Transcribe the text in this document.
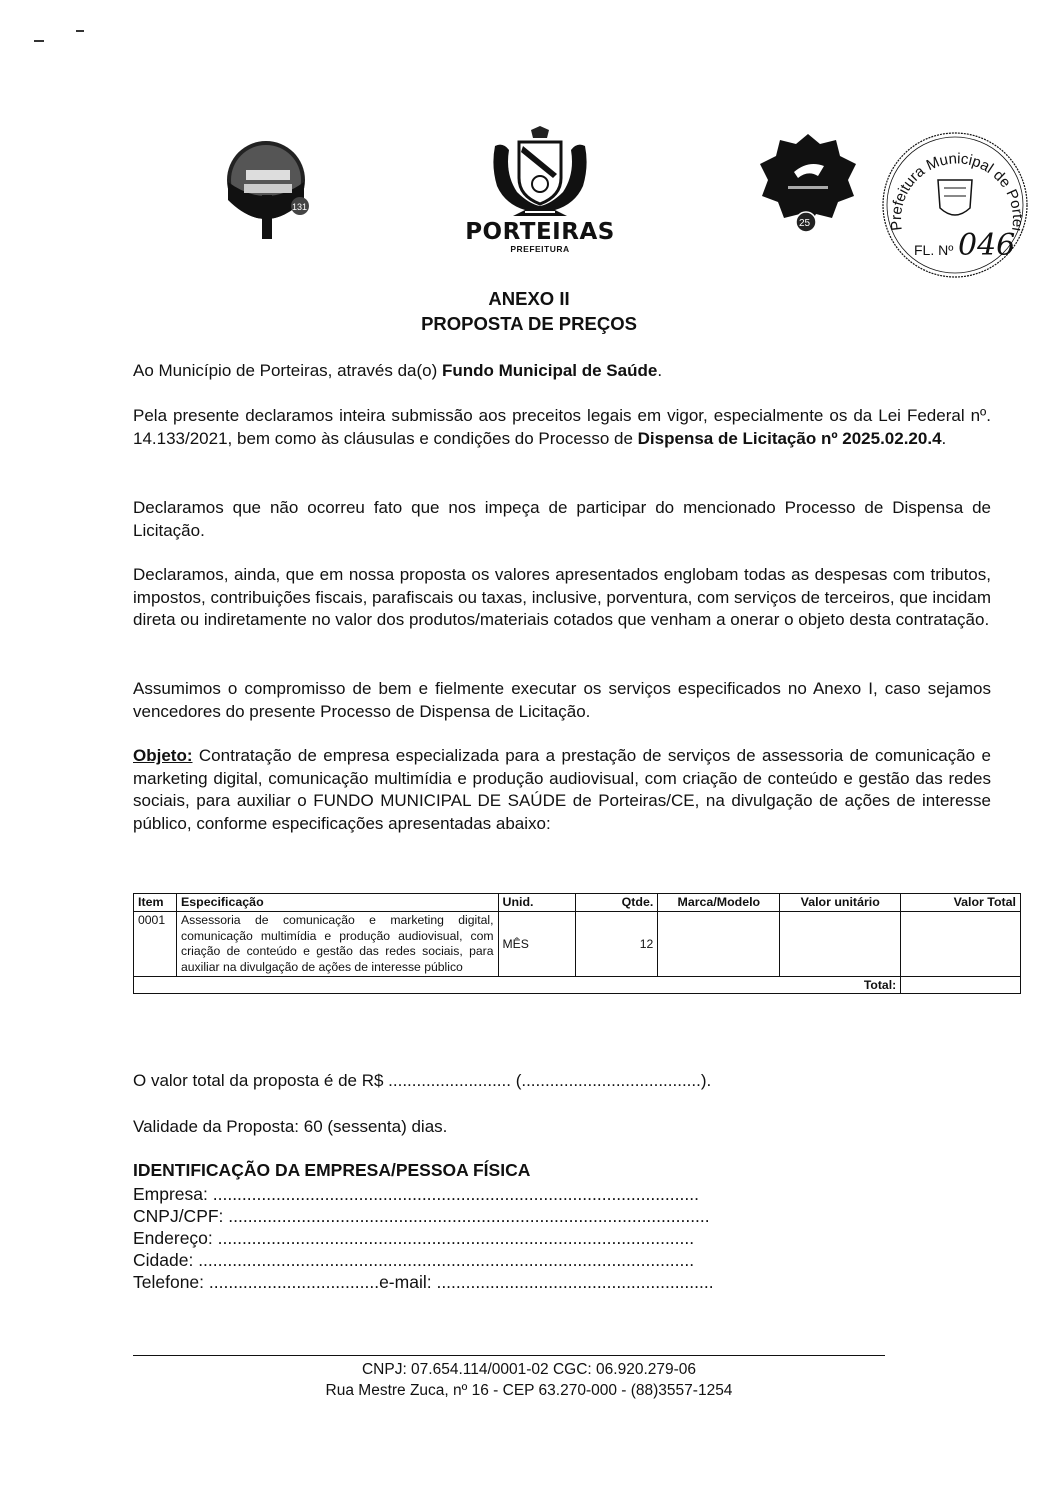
131
PORTEIRAS
PREFEITURA
25	Prefeitura Municipal de Portei
FL. Nº 046
ANEXO II
PROPOSTA DE PREÇOS

Ao Município de Porteiras, através da(o) Fundo Municipal de Saúde.

Pela presente declaramos inteira submissão aos preceitos legais em vigor, especialmente os da Lei Federal nº. 14.133/2021, bem como às cláusulas e condições do Processo de Dispensa de Licitação nº 2025.02.20.4.

Declaramos que não ocorreu fato que nos impeça de participar do mencionado Processo de Dispensa de Licitação.

Declaramos, ainda, que em nossa proposta os valores apresentados englobam todas as despesas com tributos, impostos, contribuições fiscais, parafiscais ou taxas, inclusive, porventura, com serviços de terceiros, que incidam direta ou indiretamente no valor dos produtos/materiais cotados que venham a onerar o objeto desta contratação.

Assumimos o compromisso de bem e fielmente executar os serviços especificados no Anexo I, caso sejamos vencedores do presente Processo de Dispensa de Licitação.

Objeto: Contratação de empresa especializada para a prestação de serviços de assessoria de comunicação e marketing digital, comunicação multimídia e produção audiovisual, com criação de conteúdo e gestão das redes sociais, para auxiliar o FUNDO MUNICIPAL DE SAÚDE de Porteiras/CE, na divulgação de ações de interesse público, conforme especificações apresentadas abaixo:

Item	Especificação	Unid.	Qtde.	Marca/Modelo	Valor unitário	Valor Total
0001	Assessoria de comunicação e marketing digital, comunicação multimídia e produção audiovisual, com criação de conteúdo e gestão das redes sociais, para auxiliar na divulgação de ações de interesse público	MÊS	12			
Total:						
O valor total da proposta é de R$ .......................... (......................................).
Validade da Proposta: 60 (sessenta) dias.
IDENTIFICAÇÃO DA EMPRESA/PESSOA FÍSICA
Empresa: ....................................................................................................
CNPJ/CPF: ...................................................................................................
Endereço: ..................................................................................................
Cidade: ......................................................................................................
Telefone: ...................................e-mail: .........................................................
CNPJ: 07.654.114/0001-02 CGC: 06.920.279-06
Rua Mestre Zuca, nº 16 - CEP 63.270-000 - (88)3557-1254
